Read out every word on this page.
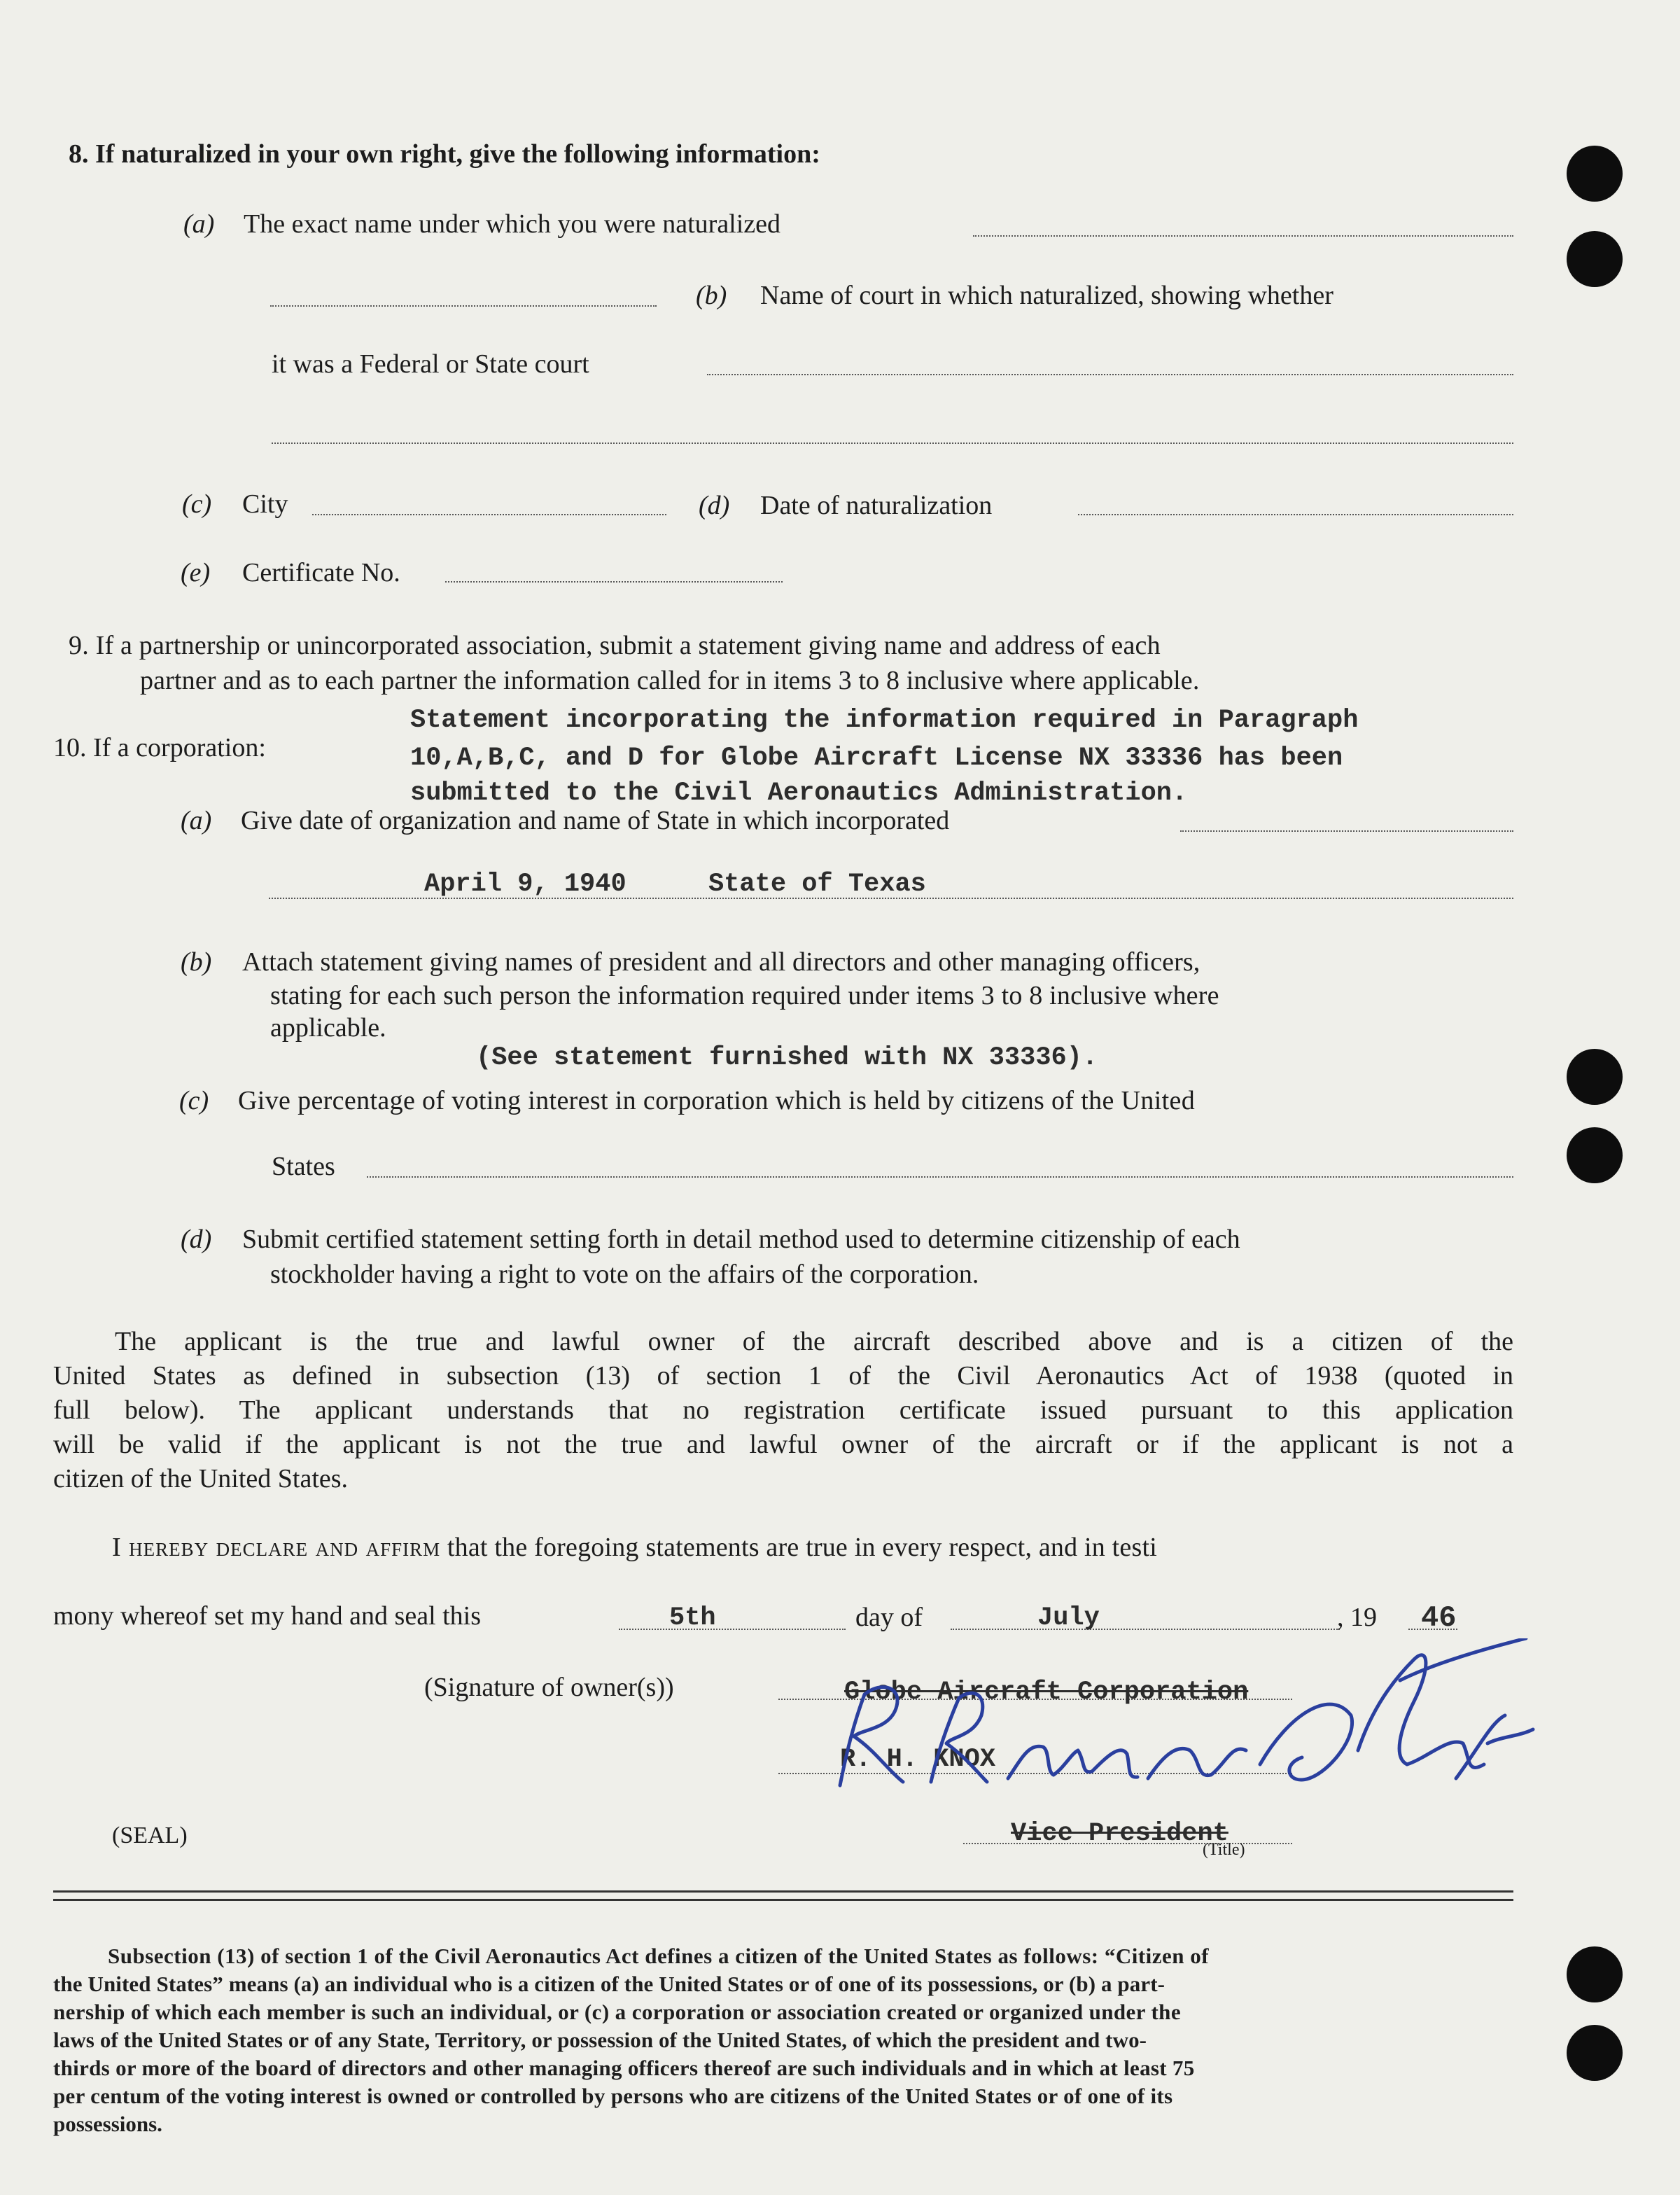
8. If naturalized in your own right, give the following information:
(a) The exact name under which you were naturalized
(b) Name of court in which naturalized, showing whether
it was a Federal or State court
(c) City	(d) Date of naturalization
(e) Certificate No.
9. If a partnership or unincorporated association, submit a statement giving name and address of each
partner and as to each partner the information called for in items 3 to 8 inclusive where applicable.
10. If a corporation:
Statement incorporating the information required in Paragraph
10,A,B,C, and D for Globe Aircraft License NX 33336 has been
submitted to the Civil Aeronautics Administration.
(a) Give date of organization and name of State in which incorporated
April 9, 1940	State of Texas
(b) Attach statement giving names of president and all directors and other managing officers,
stating for each such person the information required under items 3 to 8 inclusive where
applicable.
(See statement furnished with NX 33336).
(c) Give percentage of voting interest in corporation which is held by citizens of the United
States
(d) Submit certified statement setting forth in detail method used to determine citizenship of each
stockholder having a right to vote on the affairs of the corporation.
The applicant is the true and lawful owner of the aircraft described above and is a citizen of the
United States as defined in subsection (13) of section 1 of the Civil Aeronautics Act of 1938 (quoted in
full below). The applicant understands that no registration certificate issued pursuant to this application
will be valid if the applicant is not the true and lawful owner of the aircraft or if the applicant is not a
citizen of the United States.
I hereby declare and affirm that the foregoing statements are true in every respect, and in testi
mony whereof set my hand and seal this	5th	day of	July	, 19 46
(Signature of owner(s))	Globe Aircraft Corporation
R. H. KNOX
(SEAL)	Vice President
(Title)
Subsection (13) of section 1 of the Civil Aeronautics Act defines a citizen of the United States as follows: “Citizen of
the United States” means (a) an individual who is a citizen of the United States or of one of its possessions, or (b) a part-
nership of which each member is such an individual, or (c) a corporation or association created or organized under the
laws of the United States or of any State, Territory, or possession of the United States, of which the president and two-
thirds or more of the board of directors and other managing officers thereof are such individuals and in which at least 75
per centum of the voting interest is owned or controlled by persons who are citizens of the United States or of one of its
possessions.
